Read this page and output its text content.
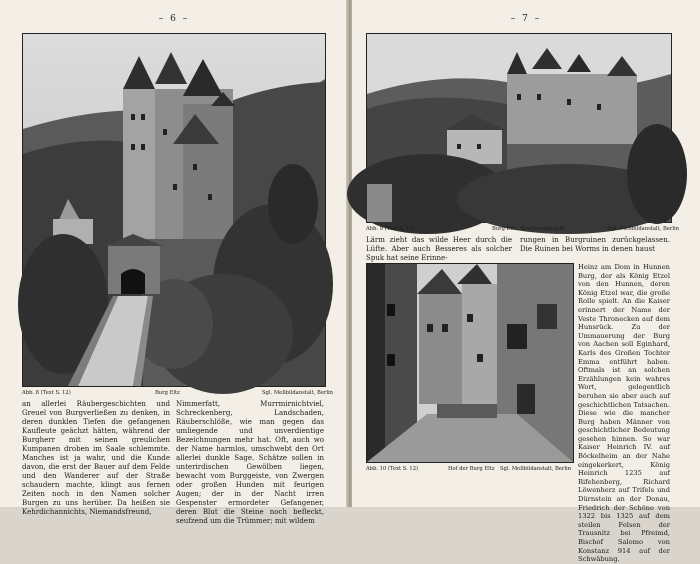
– 6 –
Abb. 8 (Text S. 12)	Burg Eltz	Sgl. Meßbildanstalt, Berlin

an allerlei Räubergeschichten und Greuel von Burgverließen zu denken, in deren dunklen Tiefen die gefangenen Kaufleute geächzt hätten, während der Burgherr mit seinen greulichen Kumpanen droben im Saale schlemmte. Manches ist ja wahr, und die Kunde davon, die erst der Bauer auf dem Felde und den Wanderer auf der Straße schaudern machte, klingt aus fernen Zeiten noch in den Namen solcher Burgen zu uns herüber. Da heißen sie Kehrdichannichts, Niemandsfreund,

Nimmerfatt, Murrmirnichtviel, Schreckenberg, Landschaden, Räuberschlöße, wie man gegen das umliegende und unverdientige Bezeichnungen mehr hat. Oft, auch wo der Name harmlos, umschwebt den Ort allerlei dunkle Sage. Schätze sollen in unterirdischen Gewölben liegen, bewacht vom Burggeiste, von Zwergen oder großen Hunden mit feurigen Augen; der in der Nacht irren Gespenster ermordeter Gefangener, deren Blut die Steine noch befleckt, seufzend um die Trümmer; mit wildem

– 7 –
Abb. 9 (Text S. 12)	Burg Eltz, Nordwestansicht	Sgl. Meßbildanstalt, Berlin

Lärm zieht das wilde Heer durch die Lüfte. Aber auch Besseres als solcher Spuk hat seine Erinne-

rungen in Burgruinen zurückgelassen. Die Ruinen bei Worms in denen haust

Heinz am Dom in Hunnen Burg, der als König Etzel von den Hunnen, deren König Etzel war, die große Rolle spielt. An die Kaiser erinnert der Name der Veste Thronecken auf dem Hunsrück. Zu der Ummauerung der Burg von Aachen soll Eginhard, Karls des Großen Tochter Emma entführt haben. Oftmals ist an solchen Erzählungen kein wahres Wort, gelegentlich beruhen sie aber auch auf geschichtlichen Tatsachen. Diese wie die mancher Burg haben Männer von geschichtlicher Bedeutung gesehen hinnen. So war Kaiser Heinrich IV. auf Böckelheim an der Nahe eingekerkert, König Heinrich 1235 auf Rifehenberg, Richard Löwenherz auf Trifels und Dürnstein an der Donau, Friedrich der Schöne von 1322 bis 1325 auf dem steilen Felsen der Trausnitz bei Pfreimd, Bischof Salomo von Konstanz 914 auf der Schwäbung.

Abb. 10 (Text S. 12)	Hof der Burg Eltz Sgl. Meßbildanstalt, Berlin
